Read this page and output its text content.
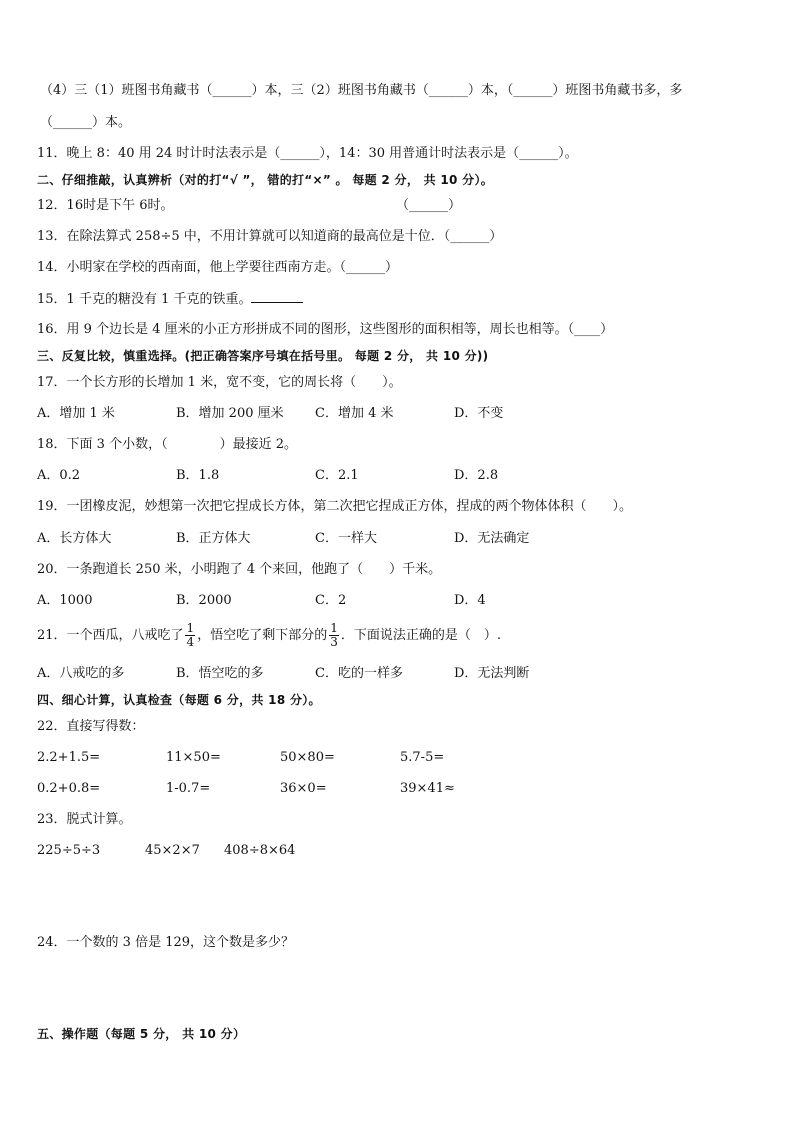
（4）三（1）班图书角藏书（______）本，三（2）班图书角藏书（______）本，（______）班图书角藏书多，多
（______）本。
11．晚上 8：40 用 24 时计时法表示是（______），14：30 用普通计时法表示是（______）。
二、仔细推敲，认真辨析（对的打“√ ”， 错的打“×” 。 每题 2 分， 共 10 分）。
12．16时是下午 6时。	（______）
13．在除法算式 258÷5 中，不用计算就可以知道商的最高位是十位．（______）
14．小明家在学校的西南面，他上学要往西南方走。（______）
15．1 千克的糖没有 1 千克的铁重。
16．用 9 个边长是 4 厘米的小正方形拼成不同的图形，这些图形的面积相等，周长也相等。（____）
三、反复比较，慎重选择。(把正确答案序号填在括号里。 每题 2 分， 共 10 分))
17．一个长方形的长增加 1 米，宽不变，它的周长将（　　）。
A．增加 1 米	B．增加 200 厘米 C．增加 4 米	D．不变
18．下面 3 个小数，（　　　　）最接近 2。
A．0.2	B．1.8	C．2.1	D．2.8
19．一团橡皮泥，妙想第一次把它捏成长方体，第二次把它捏成正方体，捏成的两个物体体积（　　）。
A．长方体大	B．正方体大	C．一样大	D．无法确定
20．一条跑道长 250 米，小明跑了 4 个来回，他跑了（　　）千米。
A．1000	B．2000	C．2	D．4
21．一个西瓜，八戒吃了 $\frac{1}{4}$ ，悟空吃了剩下部分的 $\frac{1}{3}$ ．下面说法正确的是（　）.
A．八戒吃的多	B．悟空吃的多	C．吃的一样多	D．无法判断
四、细心计算，认真检查（每题 6 分，共 18 分）。
22．直接写得数：
2.2+1.5=	11×50=	50×80=	5.7-5=
0.2+0.8=	1-0.7=	36×0=	39×41≈
23．脱式计算。
225÷5÷3	45×2×7 408÷8×64
24．一个数的 3 倍是 129，这个数是多少？
五、操作题（每题 5 分， 共 10 分）
